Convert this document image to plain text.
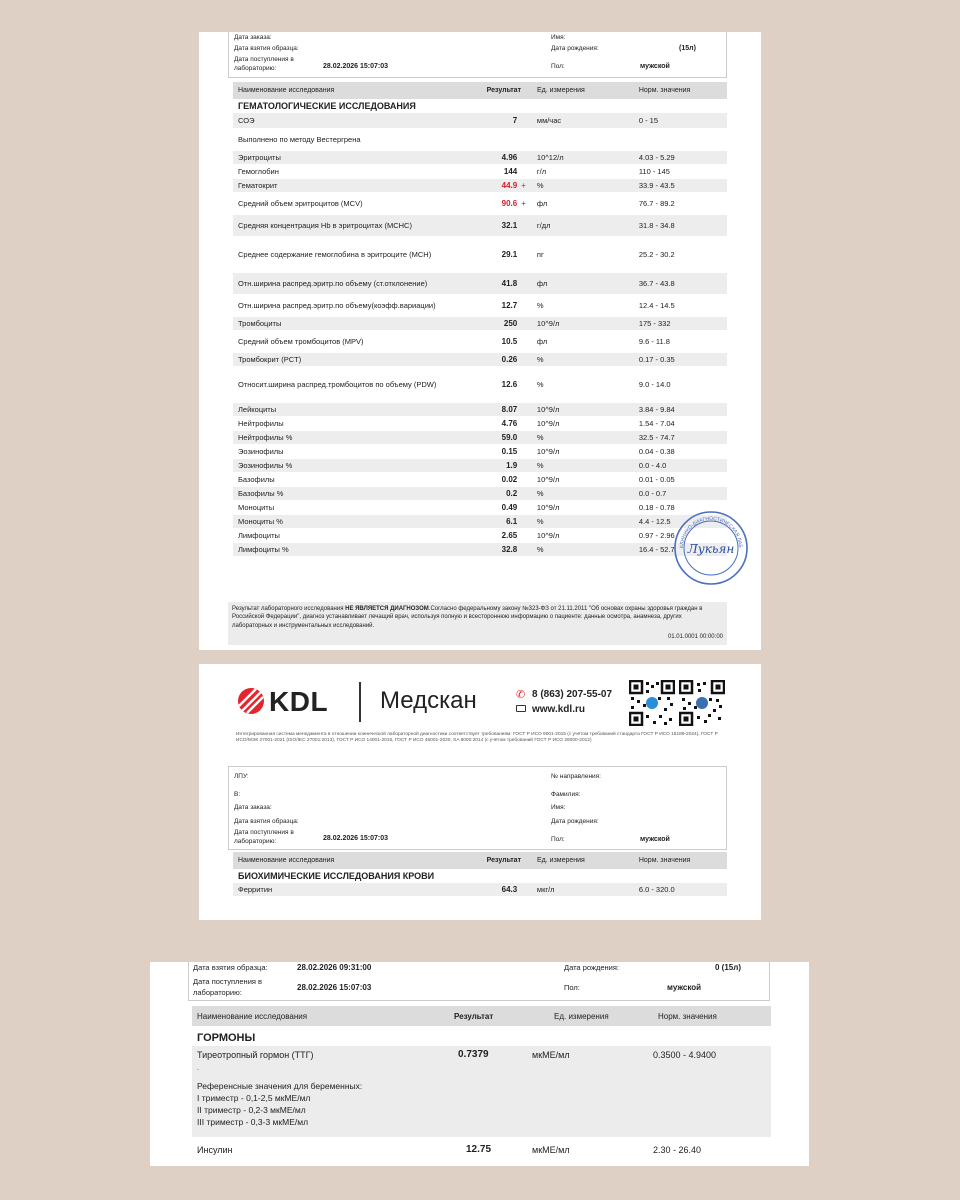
Дата заказа:
Дата взятия образца:
Дата поступления в
лабораторию:	28.02.2026 15:07:03
Имя:
Дата рождения:	(15л)
Пол:	мужской
Наименование исследования	Результат	Ед. измерения	Норм. значения
ГЕМАТОЛОГИЧЕСКИЕ ИССЛЕДОВАНИЯ
СОЭ	7	мм/час	0 - 15
Выполнено по методу Вестергрена
Эритроциты	4.96	10^12/л	4.03 - 5.29
Гемоглобин	144	г/л	110 - 145
Гематокрит	44.9 +	%	33.9 - 43.5
Средний объем эритроцитов (MCV)	90.6 +	фл	76.7 - 89.2
Средняя концентрация Hb в эритроцитах (MCHC)	32.1	г/дл	31.8 - 34.8
Среднее содержание гемоглобина в эритроците (MCH)	29.1	пг	25.2 - 30.2
Отн.ширина распред.эритр.по объему (ст.отклонение)	41.8	фл	36.7 - 43.8
Отн.ширина распред.эритр.по объему(коэфф.вариации)	12.7	%	12.4 - 14.5
Тромбоциты	250	10^9/л	175 - 332
Средний объем тромбоцитов (MPV)	10.5	фл	9.6 - 11.8
Тромбокрит (PCT)	0.26	%	0.17 - 0.35
Относит.ширина распред.тромбоцитов по объему (PDW)	12.6	%	9.0 - 14.0
Лейкоциты	8.07	10^9/л	3.84 - 9.84
Нейтрофилы	4.76	10^9/л	1.54 - 7.04
Нейтрофилы %	59.0	%	32.5 - 74.7
Эозинофилы	0.15	10^9/л	0.04 - 0.38
Эозинофилы %	1.9	%	0.0 - 4.0
Базофилы	0.02	10^9/л	0.01 - 0.05
Базофилы %	0.2	%	0.0 - 0.7
Моноциты	0.49	10^9/л	0.18 - 0.78
Моноциты %	6.1	%	4.4 - 12.5
Лимфоциты	2.65	10^9/л	0.97 - 2.96
Лимфоциты %	32.8	%	16.4 - 52.7 КЛИНИКО-ДИАГНОСТИЧЕСКАЯ ЛАБ
Лукьян
Результат лабораторного исследования НЕ ЯВЛЯЕТСЯ ДИАГНОЗОМ.Согласно федеральному закону №323-ФЗ от 21.11.2011 "Об основах охраны здоровья граждан в Российской Федерации", диагноз устанавливает лечащий врач, используя полную и всестороннюю информацию о пациенте: данные осмотра, анамнеза, других лабораторных и инструментальных исследований.
01.01.0001 00:00:00
KDL Медскан	✆ 8 (863) 207-55-07
www.kdl.ru
Интегрированная система менеджмента в отношении клинической лабораторной диагностики соответствует требованиям: ГОСТ Р ИСО 9001-2015 (с учётом требований стандарта ГОСТ Р ИСО 15189-2024), ГОСТ Р ИСО/МЭК 27001-2021 (ISO/IEC 27001:2013), ГОСТ Р ИСО 14001-2016, ГОСТ Р ИСО 45001-2020, SA 8000:2014 (с учётом требований ГОСТ Р ИСО 26000-2012)
ЛПУ:
В:
Дата заказа:
Дата взятия образца:
Дата поступления в
лабораторию:	28.02.2026 15:07:03
№ направления:
Фамилия:
Имя:
Дата рождения:
Пол:	мужской
Наименование исследования	Результат	Ед. измерения	Норм. значения
БИОХИМИЧЕСКИЕ ИССЛЕДОВАНИЯ КРОВИ
Ферритин	64.3	мкг/л	6.0 - 320.0
Дата взятия образца:	28.02.2026 09:31:00
Дата поступления в
лабораторию:
28.02.2026 15:07:03
Дата рождения:	0 (15л)
Пол:	мужской
Наименование исследования	Результат	Ед. измерения	Норм. значения
ГОРМОНЫ
Тиреотропный гормон (ТТГ)	0.7379	мкМЕ/мл	0.3500 - 4.9400
.
Референсные значения для беременных:
I триместр - 0,1-2,5 мкМЕ/мл
II триместр - 0,2-3 мкМЕ/мл
III триместр - 0,3-3 мкМЕ/мл
Инсулин	12.75	мкМЕ/мл	2.30 - 26.40
